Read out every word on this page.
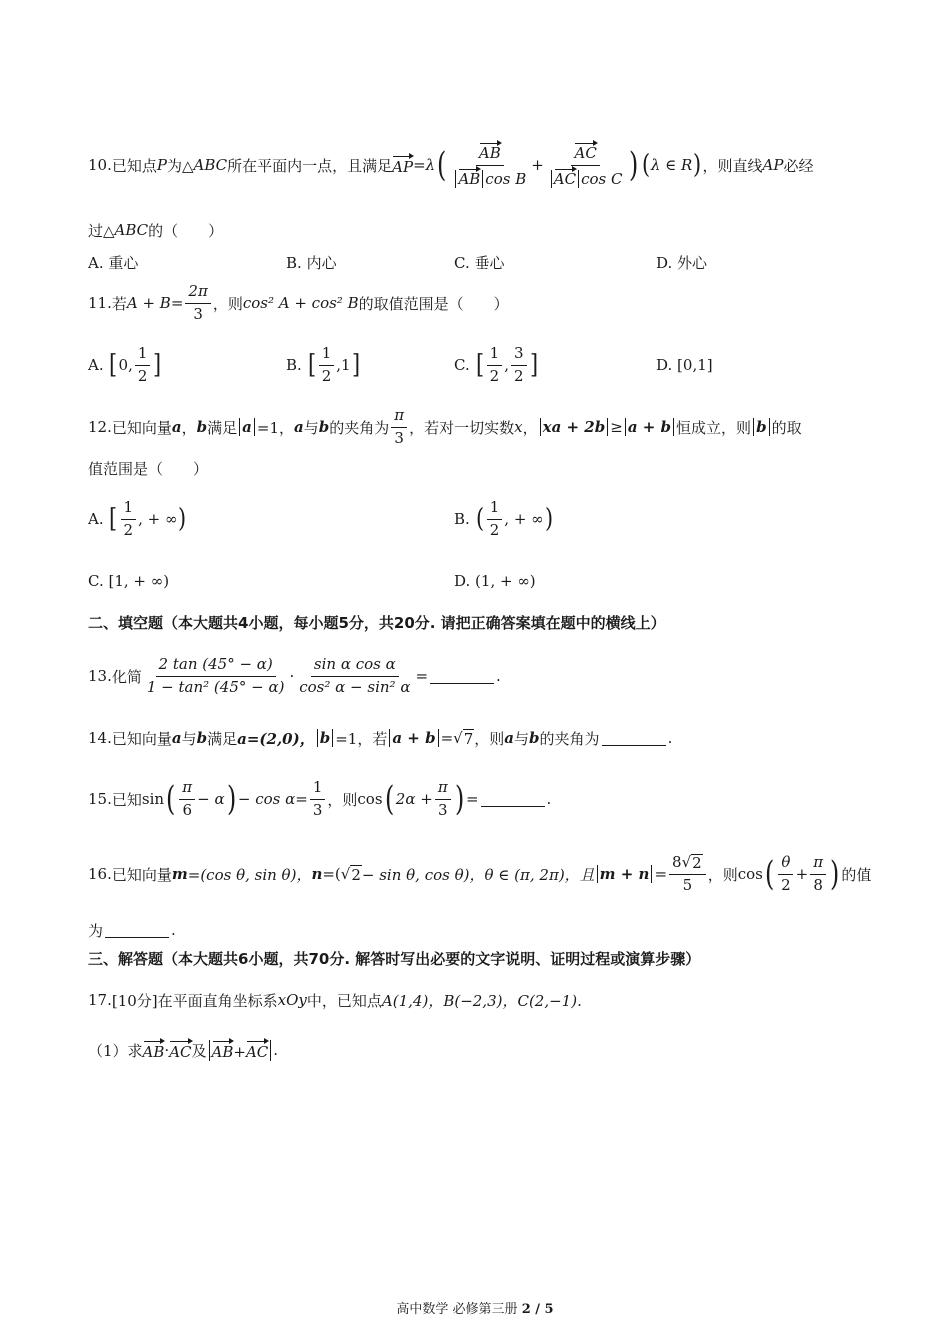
10. 已知点 P 为△ ABC 所在平面内一点，且满足 AP =λ ( $\frac{AB}{\text{AB cos B}} + \frac{AC}{\text{AC cos C}}$ ) ( λ ∈ R ) ，则直线 AP 必经
过△ ABC 的（　　）
A. 重心	B. 内心	C. 垂心	D. 外心
11. 若 $A + B= \frac{2\pi}{3}$ ，则 cos² A + cos² B 的取值范围是（　　）
A.
[ 0, $\frac{1}{2}$ ]	B.
[ $\frac{1}{2} ,1$ ]	C.
[ $\frac{1}{2}$ , $\frac{3}{2}$ ]	D.
[0,1]
12. 已知向量 a ， b 满足 a =1， a 与 b 的夹角为 $\frac{\pi}{3}$ ，若对一切实数 x ， xa + 2b ≥ a + b 恒成立，则 b 的取
值范围是（　　）
A.
[ $\frac{1}{2}$ , + ∞ )	B.
( $\frac{1}{2}$ , + ∞ )
C. [1, + ∞)	D. (1, + ∞)
二、填空题（本大题共4小题，每小题5分，共20分. 请把正确答案填在题中的横线上）
13. 化简 $\frac{2 \tan (45^\circ - \alpha)}{\text{1 − tan² (45° − α)}} \cdot \frac{\text{sin α cos α}}{\text{cos² α − sin² α}}$ =	.
14. 已知向量 a 与 b 满足 a=(2,0)， b =1，若 a + b = √ 7 ，则 a 与 b 的夹角为	.
15. 已知 sin ( $\frac{\pi}{6} - \alpha$ ) − $\cos \alpha= \frac{1}{3}$ ，则 cos ( $2\alpha + \frac{\pi}{3}$ ) =	.
16. 已知向量 m =(cos θ, sin θ)， n =( √ 2 − sin θ, cos θ)， θ ∈ (π, 2π)，且 $m + n = \frac{8 √ 2}{5}$ ，则 cos ( $\frac{\theta}{2} + \frac{\pi}{8}$ ) 的值
为	.
三、解答题（本大题共6小题，共70分. 解答时写出必要的文字说明、证明过程或演算步骤）
17. [10分] 在平面直角坐标系 xOy 中，已知点 A(1,4)，B(−2,3)，C(2,−1).
（1）求 AB · AC 及 AB+AC .
高中数学 必修第三册 2 / 5
